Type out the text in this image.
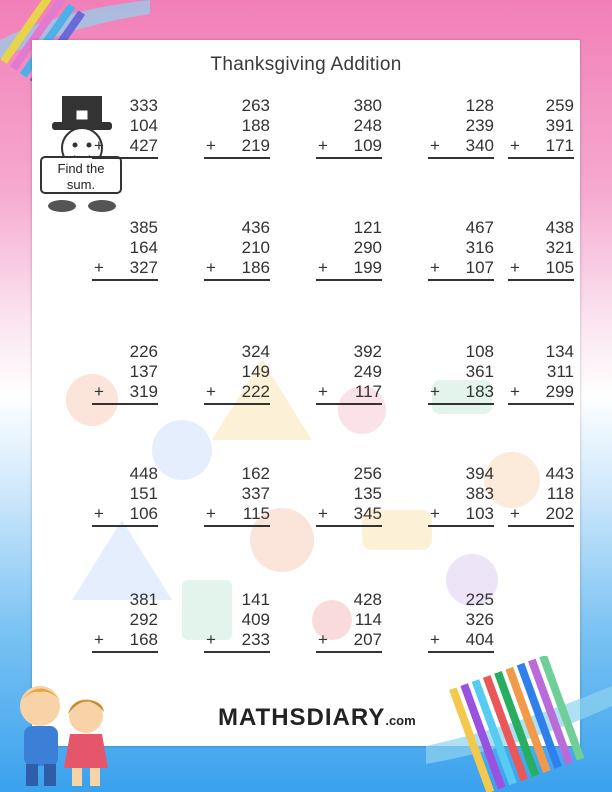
Thanksgiving Addition
Find the sum.
333
104
+ 427
263
188
+ 219
380
248
+ 109
128
239
+ 340
259
391
+ 171
385
164
+ 327
436
210
+ 186
121
290
+ 199
467
316
+ 107
438
321
+ 105
226
137
+ 319
324
149
+ 222
392
249
+ 117
108
361
+ 183
134
311
+ 299
448
151
+ 106
162
337
+ 115
256
135
+ 345
394
383
+ 103
443
118
+ 202
381
292
+ 168
141
409
+ 233
428
114
+ 207
225
326
+ 404
MATHSDIARY.com
